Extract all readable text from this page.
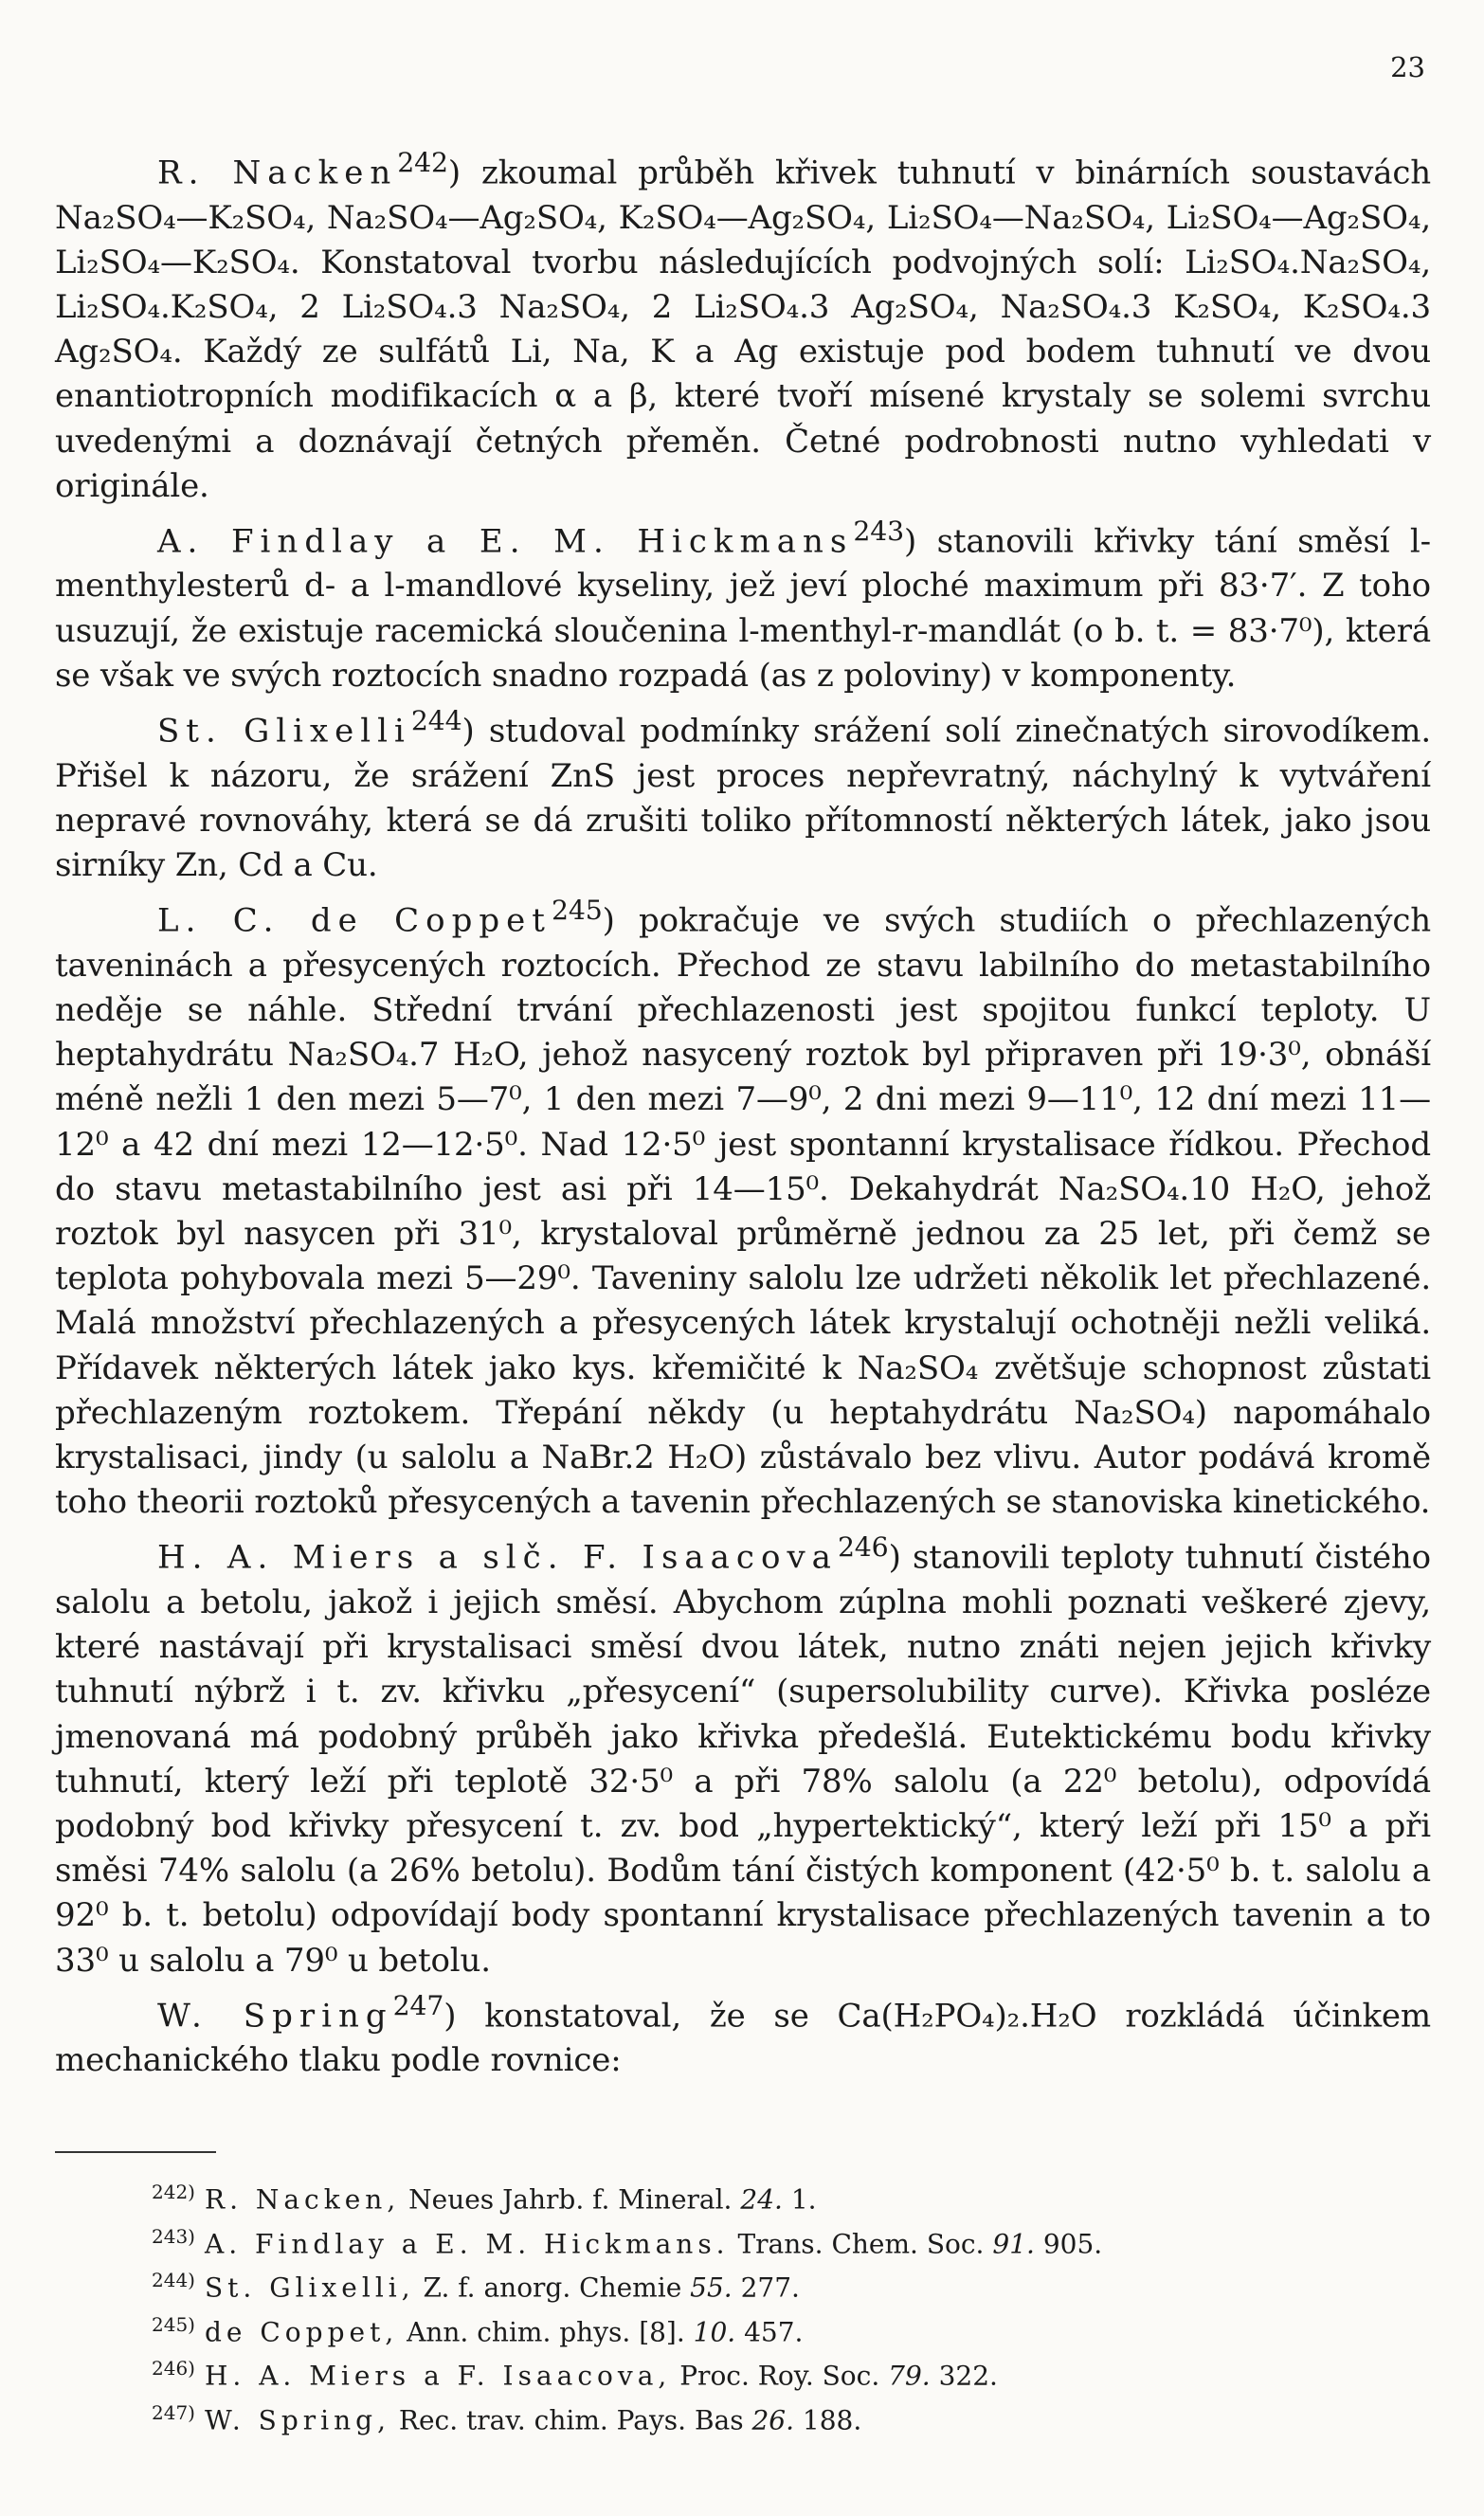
23

R. Nacken$^{242}$) zkoumal průběh křivek tuhnutí v binárních soustavách Na₂SO₄—K₂SO₄, Na₂SO₄—Ag₂SO₄, K₂SO₄—Ag₂SO₄, Li₂SO₄—Na₂SO₄, Li₂SO₄—Ag₂SO₄, Li₂SO₄—K₂SO₄. Konstatoval tvorbu následujících podvojných solí: Li₂SO₄.Na₂SO₄, Li₂SO₄.K₂SO₄, 2 Li₂SO₄.3 Na₂SO₄, 2 Li₂SO₄.3 Ag₂SO₄, Na₂SO₄.3 K₂SO₄, K₂SO₄.3 Ag₂SO₄. Každý ze sulfátů Li, Na, K a Ag existuje pod bodem tuhnutí ve dvou enantiotropních modifikacích α a β, které tvoří mísené krystaly se solemi svrchu uvedenými a doznávají četných přeměn. Četné podrobnosti nutno vyhledati v originále.

A. Findlay a E. M. Hickmans$^{243}$) stanovili křivky tání směsí l-menthylesterů d- a l-mandlové kyseliny, jež jeví ploché maximum při 83·7′. Z toho usuzují, že existuje racemická sloučenina l-menthyl-r-mandlát (o b. t. = 83·7⁰), která se však ve svých roztocích snadno rozpadá (as z poloviny) v komponenty.

St. Glixelli$^{244}$) studoval podmínky srážení solí zinečnatých sirovodíkem. Přišel k názoru, že srážení ZnS jest proces nepřevratný, náchylný k vytváření nepravé rovnováhy, která se dá zrušiti toliko přítomností některých látek, jako jsou sirníky Zn, Cd a Cu.

L. C. de Coppet$^{245}$) pokračuje ve svých studiích o přechlazených taveninách a přesycených roztocích. Přechod ze stavu labilního do metastabilního neděje se náhle. Střední trvání přechlazenosti jest spojitou funkcí teploty. U heptahydrátu Na₂SO₄.7 H₂O, jehož nasycený roztok byl připraven při 19·3⁰, obnáší méně nežli 1 den mezi 5—7⁰, 1 den mezi 7—9⁰, 2 dni mezi 9—11⁰, 12 dní mezi 11—12⁰ a 42 dní mezi 12—12·5⁰. Nad 12·5⁰ jest spontanní krystalisace řídkou. Přechod do stavu metastabilního jest asi při 14—15⁰. Dekahydrát Na₂SO₄.10 H₂O, jehož roztok byl nasycen při 31⁰, krystaloval průměrně jednou za 25 let, při čemž se teplota pohybovala mezi 5—29⁰. Taveniny salolu lze udržeti několik let přechlazené. Malá množství přechlazených a přesycených látek krystalují ochotněji nežli veliká. Přídavek některých látek jako kys. křemičité k Na₂SO₄ zvětšuje schopnost zůstati přechlazeným roztokem. Třepání někdy (u heptahydrátu Na₂SO₄) napomáhalo krystalisaci, jindy (u salolu a NaBr.2 H₂O) zůstávalo bez vlivu. Autor podává kromě toho theorii roztoků přesycených a tavenin přechlazených se stanoviska kinetického.

H. A. Miers a slč. F. Isaacova$^{246}$) stanovili teploty tuhnutí čistého salolu a betolu, jakož i jejich směsí. Abychom zúplna mohli poznati veškeré zjevy, které nastávají při krystalisaci směsí dvou látek, nutno znáti nejen jejich křivky tuhnutí nýbrž i t. zv. křivku „přesycení“ (supersolubility curve). Křivka posléze jmenovaná má podobný průběh jako křivka předešlá. Eutektickému bodu křivky tuhnutí, který leží při teplotě 32·5⁰ a při 78% salolu (a 22⁰ betolu), odpovídá podobný bod křivky přesycení t. zv. bod „hypertektický“, který leží při 15⁰ a při směsi 74% salolu (a 26% betolu). Bodům tání čistých komponent (42·5⁰ b. t. salolu a 92⁰ b. t. betolu) odpovídají body spontanní krystalisace přechlazených tavenin a to 33⁰ u salolu a 79⁰ u betolu.

W. Spring$^{247}$) konstatoval, že se Ca(H₂PO₄)₂.H₂O rozkládá účinkem mechanického tlaku podle rovnice:

$^{242)}$ R. Nacken, Neues Jahrb. f. Mineral. 24. 1.

$^{243)}$ A. Findlay a E. M. Hickmans. Trans. Chem. Soc. 91. 905.

$^{244)}$ St. Glixelli, Z. f. anorg. Chemie 55. 277.

$^{245)}$ de Coppet, Ann. chim. phys. [8]. 10. 457.

$^{246)}$ H. A. Miers a F. Isaacova, Proc. Roy. Soc. 79. 322.

$^{247)}$ W. Spring, Rec. trav. chim. Pays. Bas 26. 188.
